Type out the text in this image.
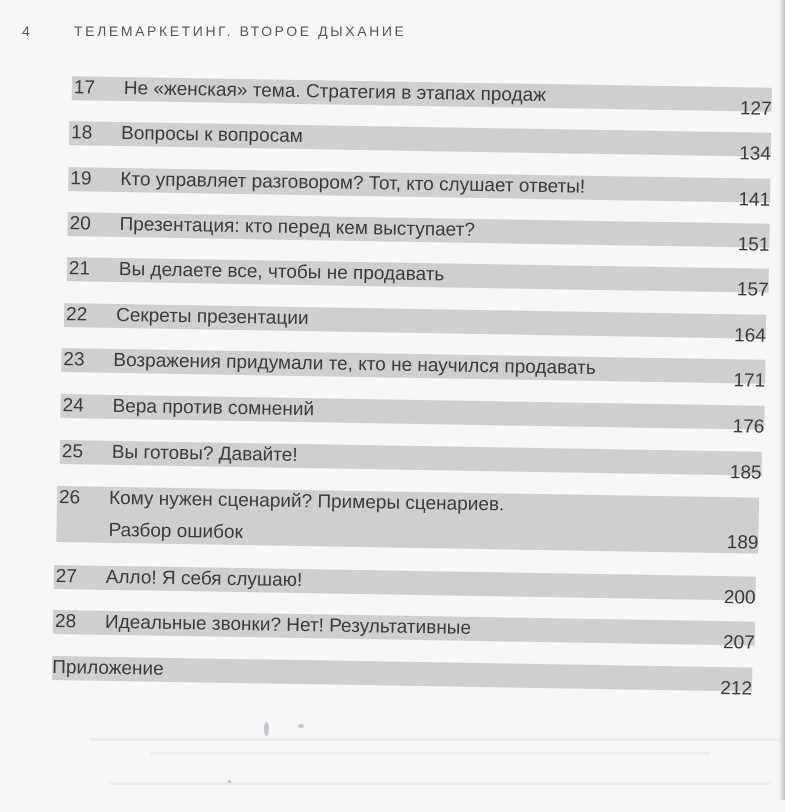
4	ТЕЛЕМАРКЕТИНГ. ВТОРОЕ ДЫХАНИЕ
17 Не «женская» тема. Стратегия в этапах продаж
127
18 Вопросы к вопросам
134
19 Кто управляет разговором? Тот, кто слушает ответы!
141
20 Презентация: кто перед кем выступает?
151
21 Вы делаете все, чтобы не продавать
157
22 Секреты презентации
164
23 Возражения придумали те, кто не научился продавать
171
24 Вера против сомнений
176
25 Вы готовы? Давайте!
185
26 Кому нужен сценарий? Примеры сценариев.
Разбор ошибок	189
27 Алло! Я себя слушаю!
200
28 Идеальные звонки? Нет! Результативные
207
Приложение
212
